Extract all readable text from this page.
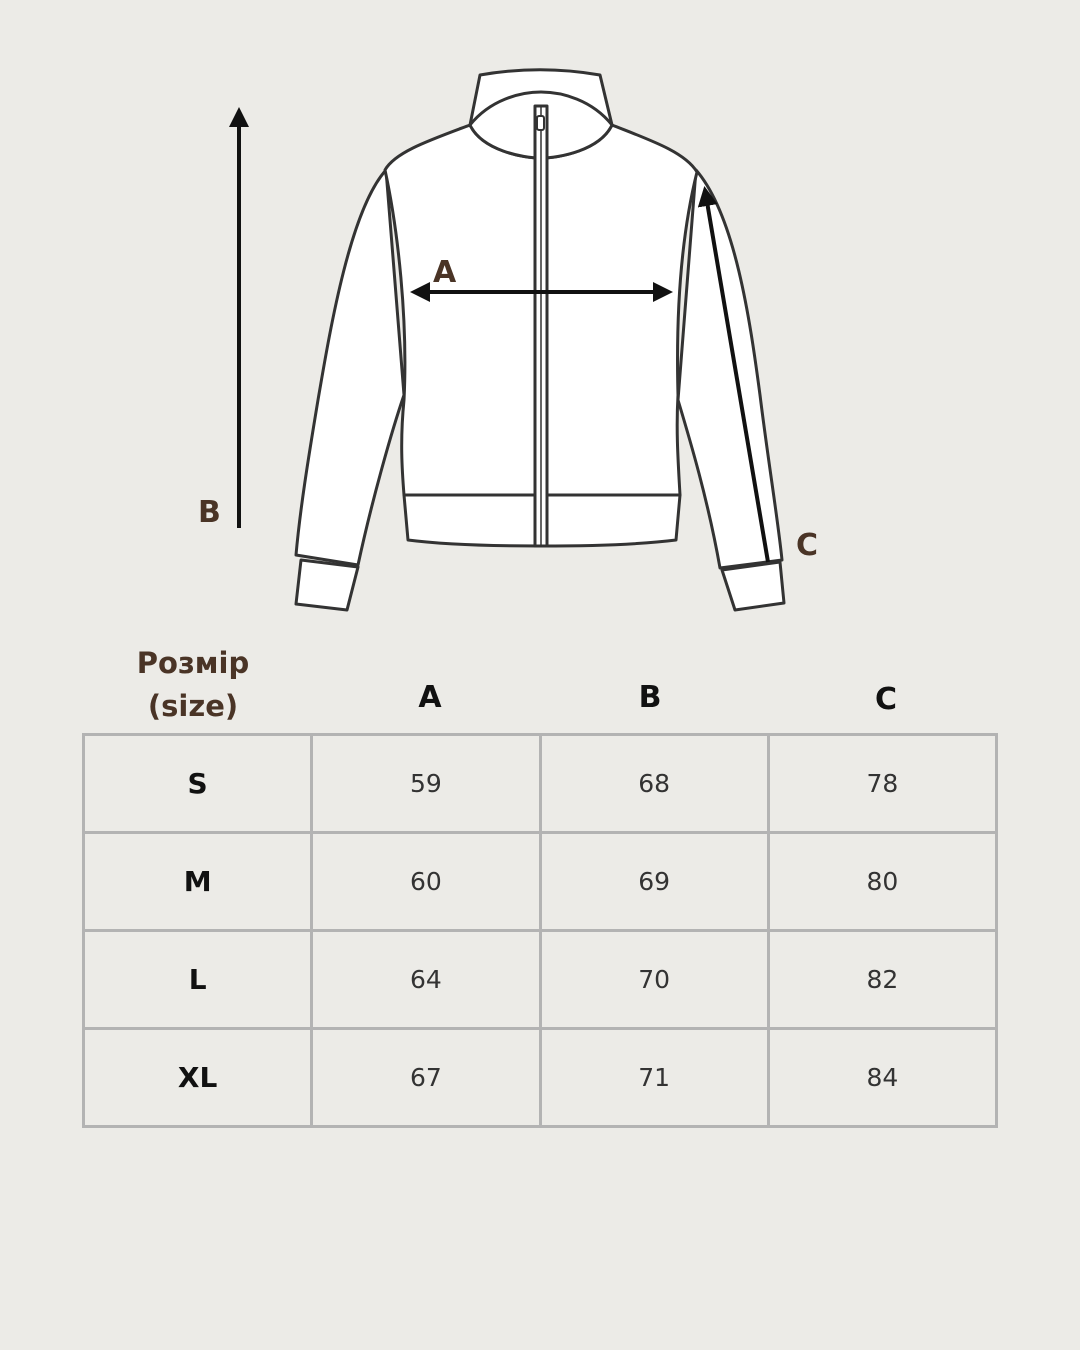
A
B
C
Розмір
(size)	A	B	C
S	59	68	78
M	60	69	80
L	64	70	82
XL	67	71	84
